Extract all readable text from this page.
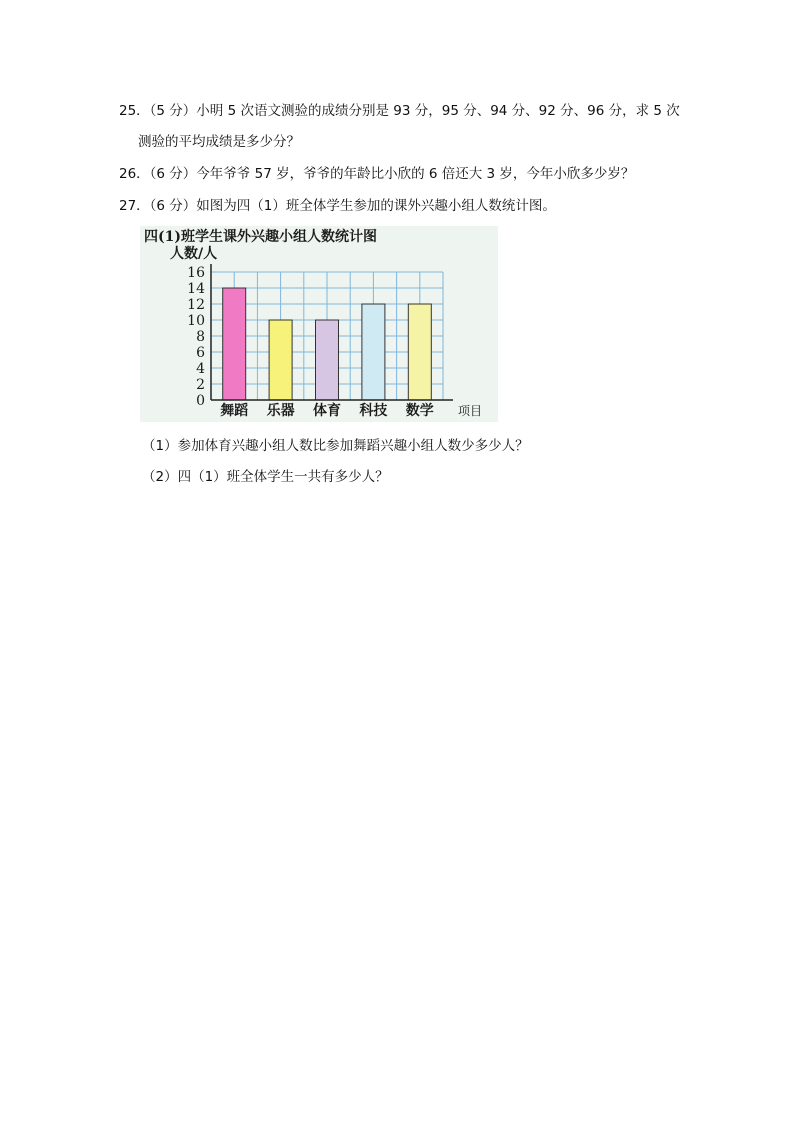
25．（5 分）小明 5 次语文测验的成绩分别是 93 分，95 分、94 分、92 分、96 分，求 5 次
测验的平均成绩是多少分？
26．（6 分）今年爷爷 57 岁，爷爷的年龄比小欣的 6 倍还大 3 岁，今年小欣多少岁？
27．（6 分）如图为四（1）班全体学生参加的课外兴趣小组人数统计图。
四(1)班学生课外兴趣小组人数统计图
人数/人
0
2
4
6
8
10
12
14
16
舞蹈 乐器 体育 科技 数学 项目
（1）参加体育兴趣小组人数比参加舞蹈兴趣小组人数少多少人？
（2）四（1）班全体学生一共有多少人？
